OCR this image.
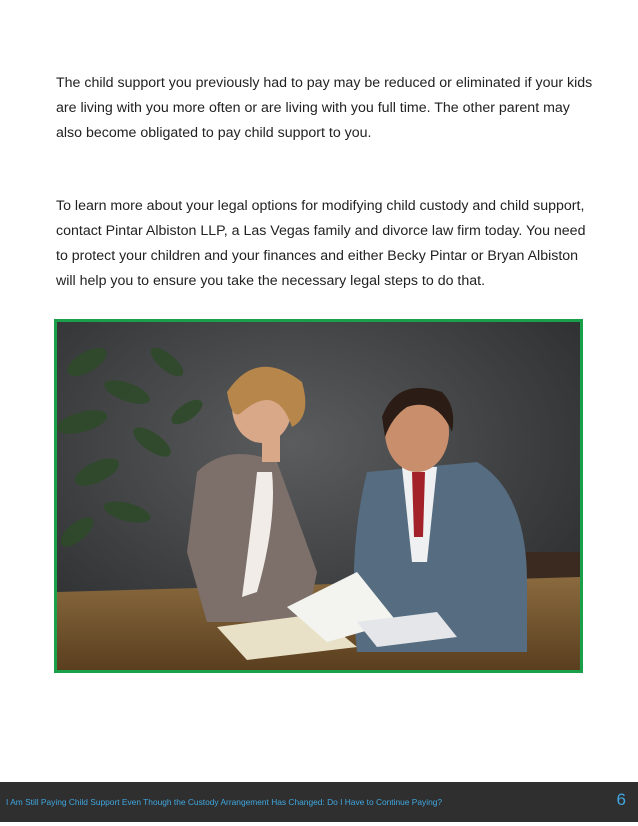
The child support you previously had to pay may be reduced or eliminated if your kids are living with you more often or are living with you full time. The other parent may also become obligated to pay child support to you.

To learn more about your legal options for modifying child custody and child support, contact Pintar Albiston LLP, a Las Vegas family and divorce law firm today. You need to protect your children and your finances and either Becky Pintar or Bryan Albiston will help you to ensure you take the necessary legal steps to do that.

I Am Still Paying Child Support Even Though the Custody Arrangement Has Changed: Do I Have to Continue Paying?	6
